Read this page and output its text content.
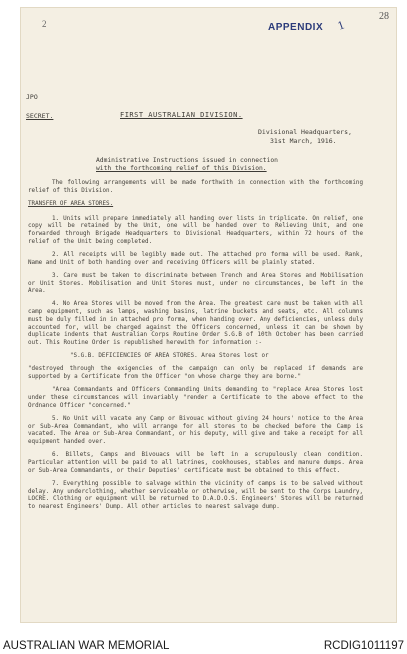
2
28
APPENDIX 1
JPO
SECRET.	FIRST AUSTRALIAN DIVISION.
Divisional Headquarters,
31st March, 1916.
Administrative Instructions issued in connection
with the forthcoming relief of this Division.

The following arrangements will be made forthwith in connection with the forthcoming relief of this Division.

TRANSFER OF AREA STORES.

1. Units will prepare immediately all handing over lists in triplicate. On relief, one copy will be retained by the Unit, one will be handed over to Relieving Unit, and one forwarded through Brigade Headquarters to Divisional Headquarters, within 72 hours of the relief of the Unit being completed.

2. All receipts will be legibly made out. The attached pro forma will be used. Rank, Name and Unit of both handing over and receiving Officers will be plainly stated.

3. Care must be taken to discriminate between Trench and Area Stores and Mobilisation or Unit Stores. Mobilisation and Unit Stores must, under no circumstances, be left in the Area.

4. No Area Stores will be moved from the Area. The greatest care must be taken with all camp equipment, such as lamps, washing basins, latrine buckets and seats, etc. All columns must be duly filled in in attached pro forma, when handing over. Any deficiencies, unless duly accounted for, will be charged against the Officers concerned, unless it can be shown by duplicate indents that Australian Corps Routine Order S.G.B of 10th October has been carried out. This Routine Order is republished herewith for information :-

"S.G.B. DEFICIENCIES OF AREA STORES. Area Stores lost or

"destroyed through the exigencies of the campaign can only be replaced if demands are supported by a Certificate from the Officer "on whose charge they are borne."

"Area Commandants and Officers Commanding Units demanding to "replace Area Stores lost under these circumstances will invariably "render a Certificate to the above effect to the Ordnance Officer "concerned."

5. No Unit will vacate any Camp or Bivouac without giving 24 hours' notice to the Area or Sub-Area Commandant, who will arrange for all stores to be checked before the Camp is vacated. The Area or Sub-Area Commandant, or his deputy, will give and take a receipt for all equipment handed over.

6. Billets, Camps and Bivouacs will be left in a scrupulously clean condition. Particular attention will be paid to all latrines, cookhouses, stables and manure dumps. Area or Sub-Area Commandants, or their Deputies' certificate must be obtained to this effect.

7. Everything possible to salvage within the vicinity of camps is to be salved without delay. Any underclothing, whether serviceable or otherwise, will be sent to the Corps Laundry, LOCRE. Clothing or equipment will be returned to D.A.D.O.S. Engineers' Stores will be returned to nearest Engineers' Dump. All other articles to nearest salvage dump.

AUSTRALIAN WAR MEMORIAL	RCDIG1011197
